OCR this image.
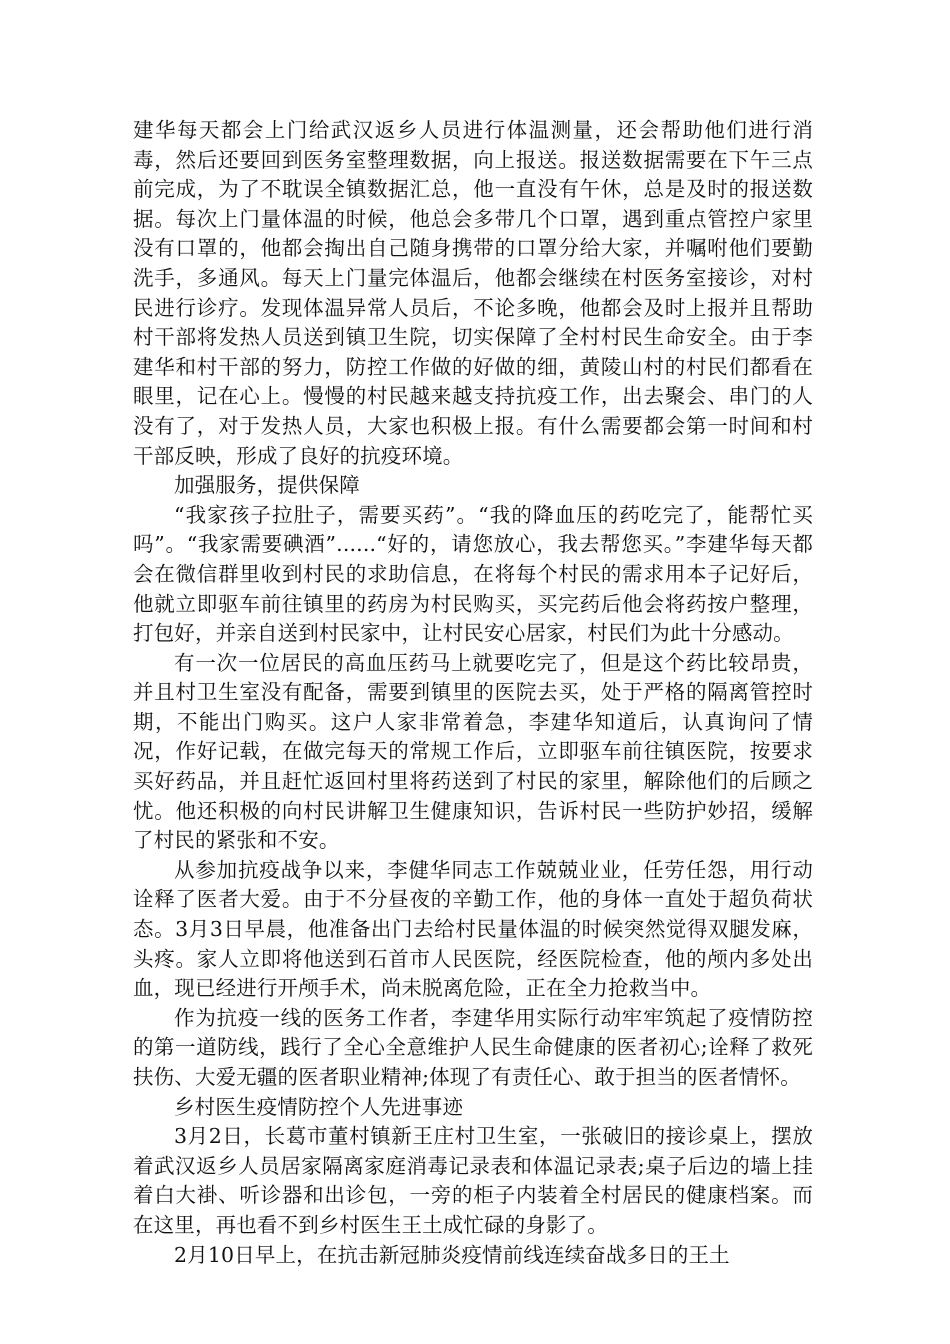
建华每天都会上门给武汉返乡人员进行体温测量，还会帮助他们进行消毒，然后还要回到医务室整理数据，向上报送。报送数据需要在下午三点前完成，为了不耽误全镇数据汇总，他一直没有午休，总是及时的报送数据。每次上门量体温的时候，他总会多带几个口罩，遇到重点管控户家里没有口罩的，他都会掏出自己随身携带的口罩分给大家，并嘱咐他们要勤洗手，多通风。每天上门量完体温后，他都会继续在村医务室接诊，对村民进行诊疗。发现体温异常人员后，不论多晚，他都会及时上报并且帮助村干部将发热人员送到镇卫生院，切实保障了全村村民生命安全。由于李建华和村干部的努力，防控工作做的好做的细，黄陵山村的村民们都看在眼里，记在心上。慢慢的村民越来越支持抗疫工作，出去聚会、串门的人没有了，对于发热人员，大家也积极上报。有什么需要都会第一时间和村干部反映，形成了良好的抗疫环境。

加强服务，提供保障

“我家孩子拉肚子，需要买药”。“我的降血压的药吃完了，能帮忙买吗”。“我家需要碘酒”......“好的，请您放心，我去帮您买。”李建华每天都会在微信群里收到村民的求助信息，在将每个村民的需求用本子记好后，他就立即驱车前往镇里的药房为村民购买，买完药后他会将药按户整理，打包好，并亲自送到村民家中，让村民安心居家，村民们为此十分感动。

有一次一位居民的高血压药马上就要吃完了，但是这个药比较昂贵，并且村卫生室没有配备，需要到镇里的医院去买，处于严格的隔离管控时期，不能出门购买。这户人家非常着急，李建华知道后，认真询问了情况，作好记载，在做完每天的常规工作后，立即驱车前往镇医院，按要求买好药品，并且赶忙返回村里将药送到了村民的家里，解除他们的后顾之忧。他还积极的向村民讲解卫生健康知识，告诉村民一些防护妙招，缓解了村民的紧张和不安。

从参加抗疫战争以来，李健华同志工作兢兢业业，任劳任怨，用行动诠释了医者大爱。由于不分昼夜的辛勤工作，他的身体一直处于超负荷状态。3月3日早晨，他准备出门去给村民量体温的时候突然觉得双腿发麻，头疼。家人立即将他送到石首市人民医院，经医院检查，他的颅内多处出血，现已经进行开颅手术，尚未脱离危险，正在全力抢救当中。

作为抗疫一线的医务工作者，李建华用实际行动牢牢筑起了疫情防控的第一道防线，践行了全心全意维护人民生命健康的医者初心;诠释了救死扶伤、大爱无疆的医者职业精神;体现了有责任心、敢于担当的医者情怀。

乡村医生疫情防控个人先进事迹

3月2日，长葛市董村镇新王庄村卫生室，一张破旧的接诊桌上，摆放着武汉返乡人员居家隔离家庭消毒记录表和体温记录表;桌子后边的墙上挂着白大褂、听诊器和出诊包，一旁的柜子内装着全村居民的健康档案。而在这里，再也看不到乡村医生王土成忙碌的身影了。

2月10日早上，在抗击新冠肺炎疫情前线连续奋战多日的王土
